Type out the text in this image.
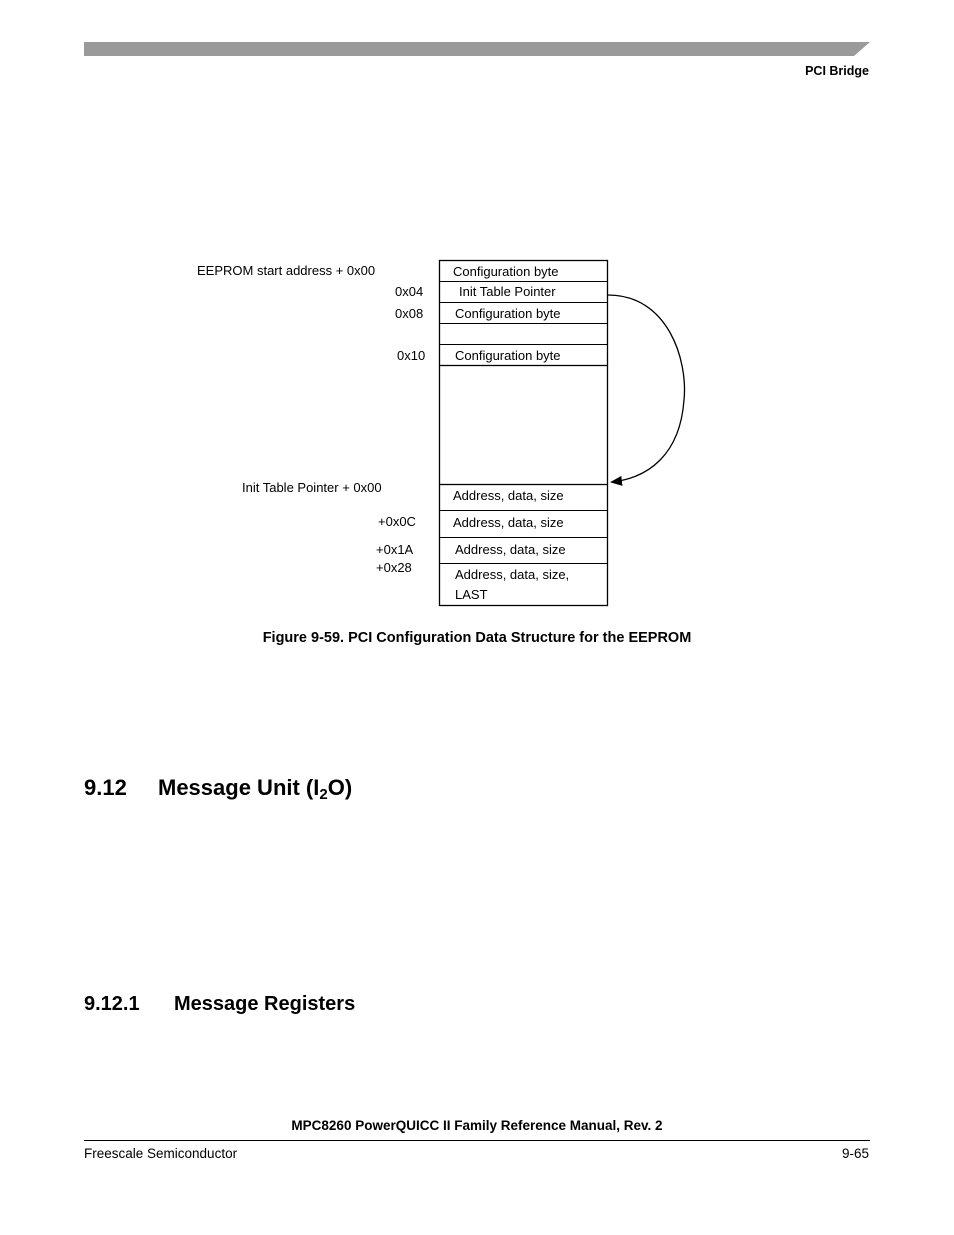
PCI Bridge
EEPROM start address + 0x00
0x04
0x08
0x10
Init Table Pointer + 0x00
+0x0C
+0x1A
+0x28
Configuration byte
Init Table Pointer
Configuration byte
Configuration byte
Address, data, size
Address, data, size
Address, data, size
Address, data, size,
LAST
Figure 9-59. PCI Configuration Data Structure for the EEPROM
9.12 Message Unit $(I_2O)$
9.12.1 Message Registers
MPC8260 PowerQUICC II Family Reference Manual, Rev. 2
Freescale Semiconductor	9-65
